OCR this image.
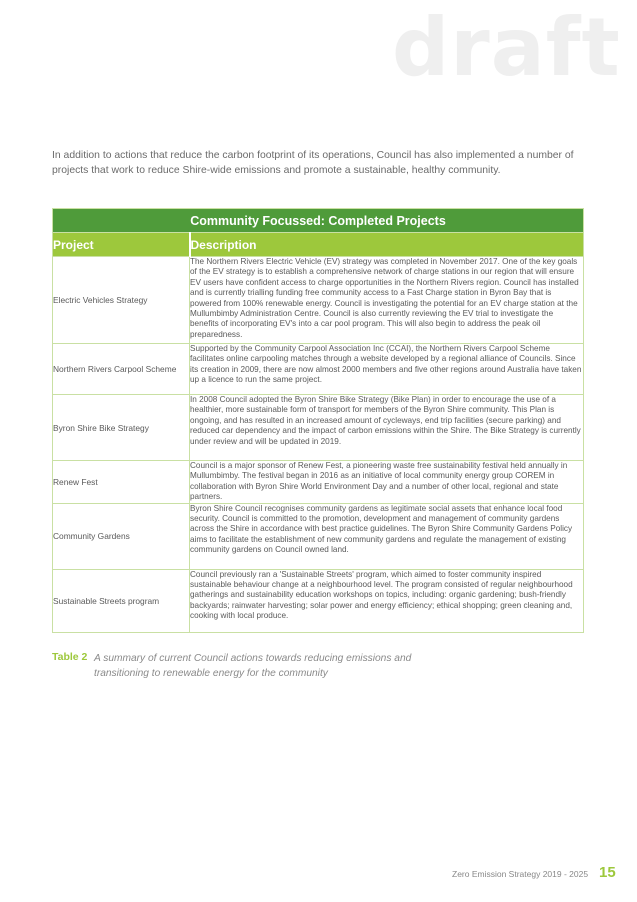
draft

In addition to actions that reduce the carbon footprint of its operations, Council has also implemented a number of projects that work to reduce Shire-wide emissions and promote a sustainable, healthy community.

Community Focussed: Completed Projects	
Project	Description
Electric Vehicles Strategy	The Northern Rivers Electric Vehicle (EV) strategy was completed in November 2017. One of the key goals of the EV strategy is to establish a comprehensive network of charge stations in our region that will ensure EV users have confident access to charge opportunities in the Northern Rivers region. Council has installed and is currently trialling funding free community access to a Fast Charge station in Byron Bay that is powered from 100% renewable energy. Council is investigating the potential for an EV charge station at the Mullumbimby Administration Centre. Council is also currently reviewing the EV trial to investigate the benefits of incorporating EV's into a car pool program. This will also begin to address the peak oil preparedness.
Northern Rivers Carpool Scheme	Supported by the Community Carpool Association Inc (CCAI), the Northern Rivers Carpool Scheme facilitates online carpooling matches through a website developed by a regional alliance of Councils. Since its creation in 2009, there are now almost 2000 members and five other regions around Australia have taken up a licence to run the same project.
Byron Shire Bike Strategy	In 2008 Council adopted the Byron Shire Bike Strategy (Bike Plan) in order to encourage the use of a healthier, more sustainable form of transport for members of the Byron Shire community. This Plan is ongoing, and has resulted in an increased amount of cycleways, end trip facilities (secure parking) and reduced car dependency and the impact of carbon emissions within the Shire. The Bike Strategy is currently under review and will be updated in 2019.
Renew Fest	Council is a major sponsor of Renew Fest, a pioneering waste free sustainability festival held annually in Mullumbimby. The festival began in 2016 as an initiative of local community energy group COREM in collaboration with Byron Shire World Environment Day and a number of other local, regional and state partners.
Community Gardens	Byron Shire Council recognises community gardens as legitimate social assets that enhance local food security. Council is committed to the promotion, development and management of community gardens across the Shire in accordance with best practice guidelines. The Byron Shire Community Gardens Policy aims to facilitate the establishment of new community gardens and regulate the management of existing community gardens on Council owned land.
Sustainable Streets program	Council previously ran a 'Sustainable Streets' program, which aimed to foster community inspired sustainable behaviour change at a neighbourhood level. The program consisted of regular neighbourhood gatherings and sustainability education workshops on topics, including: organic gardening; bush-friendly backyards; rainwater harvesting; solar power and energy efficiency; ethical shopping; green cleaning and, cooking with local produce.
Table 2 A summary of current Council actions towards reducing emissions and transitioning to renewable energy for the community
Zero Emission Strategy 2019 - 2025 15
